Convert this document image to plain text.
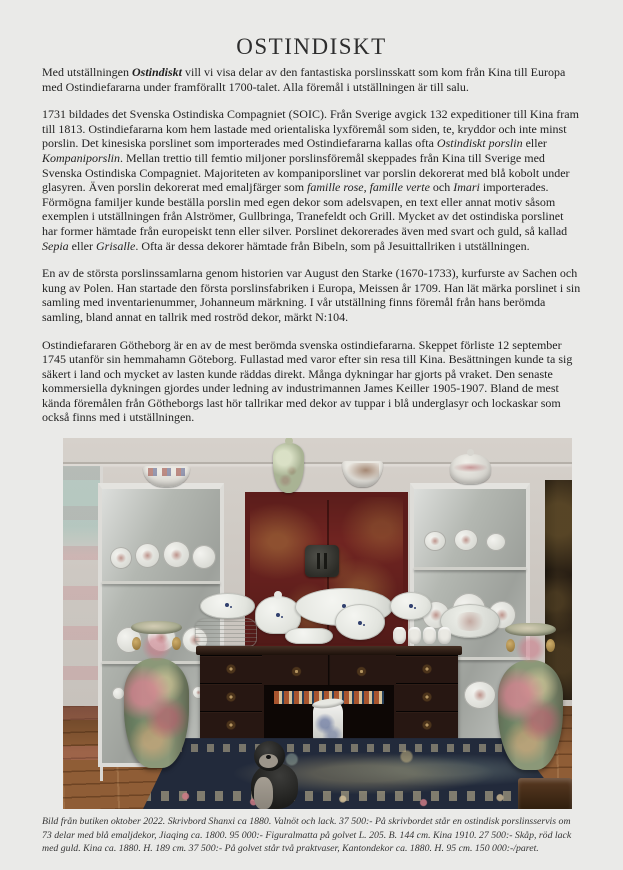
OSTINDISKT

Med utställningen Ostindiskt vill vi visa delar av den fantastiska porslinsskatt som kom från Kina till Europa med Ostindiefararna under framförallt 1700-talet. Alla föremål i utställningen är till salu.

1731 bildades det Svenska Ostindiska Compagniet (SOIC). Från Sverige avgick 132 expeditioner till Kina fram till 1813. Ostindiefararna kom hem lastade med orientaliska lyxföremål som siden, te, kryddor och inte minst porslin. Det kinesiska porslinet som importerades med Ostindiefararna kallas ofta Ostindiskt porslin eller Kompaniporslin. Mellan trettio till femtio miljoner porslinsföremål skeppades från Kina till Sverige med Svenska Ostindiska Compagniet. Majoriteten av kompaniporslinet var porslin dekorerat med blå kobolt under glasyren. Även porslin dekorerat med emaljfärger som famille rose, famille verte och Imari importerades. Förmögna familjer kunde beställa porslin med egen dekor som adelsvapen, en text eller annat motiv såsom exemplen i utställningen från Alströmer, Gullbringa, Tranefeldt och Grill. Mycket av det ostindiska porslinet har former hämtade från europeiskt tenn eller silver. Porslinet dekorerades även med svart och guld, så kallad Sepia eller Grisalle. Ofta är dessa dekorer hämtade från Bibeln, som på Jesuittallriken i utställningen.

En av de största porslinssamlarna genom historien var August den Starke (1670-1733), kurfurste av Sachen och kung av Polen. Han startade den första porslinsfabriken i Europa, Meissen år 1709. Han lät märka porslinet i sin samling med inventarienummer, Johanneum märkning. I vår utställning finns föremål från hans berömda samling, bland annat en tallrik med roströd dekor, märkt N:104.

Ostindiefararen Götheborg är en av de mest berömda svenska ostindiefararna. Skeppet förliste 12 september 1745 utanför sin hemmahamn Göteborg. Fullastad med varor efter sin resa till Kina. Besättningen kunde ta sig säkert i land och mycket av lasten kunde räddas direkt. Många dykningar har gjorts på vraket. Den senaste kommersiella dykningen gjordes under ledning av industrimannen James Keiller 1905-1907. Bland de mest kända föremålen från Götheborgs last hör tallrikar med dekor av tuppar i blå underglasyr och lockaskar som också finns med i utställningen.

Bild från butiken oktober 2022. Skrivbord Shanxi ca 1880. Valnöt och lack. 37 500:- På skrivbordet står en ostindisk porslinsservis om 73 delar med blå emaljdekor, Jiaqing ca. 1800. 95 000:- Figuralmatta på golvet L. 205. B. 144 cm. Kina 1910. 27 500:- Skåp, röd lack med guld. Kina ca. 1880. H. 189 cm. 37 500:- På golvet står två praktvaser, Kantondekor ca. 1880. H. 95 cm. 150 000:-/paret.
